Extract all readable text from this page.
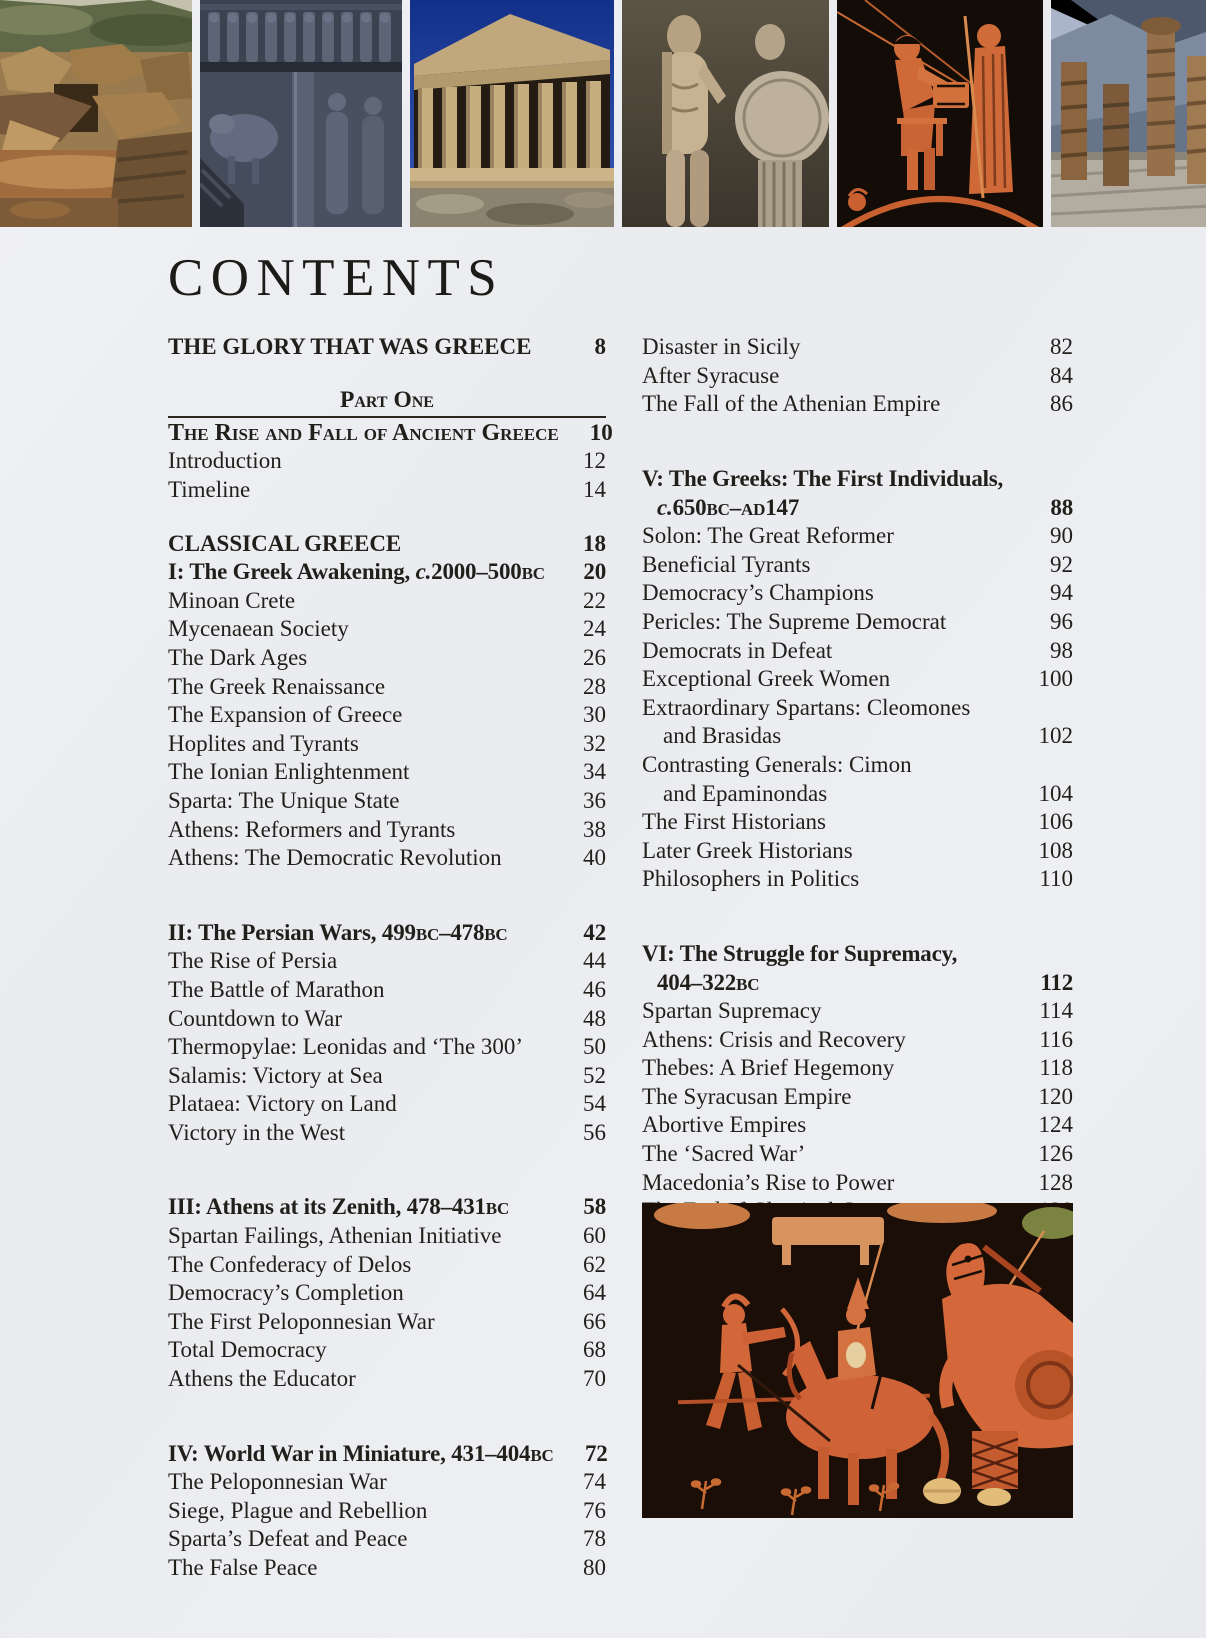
CONTENTS
THE GLORY THAT WAS GREECE	8
Part One
The Rise and Fall of Ancient Greece	10
Introduction	12
Timeline	14
CLASSICAL GREECE	18
I: The Greek Awakening, c.2000–500BC	20
Minoan Crete	22
Mycenaean Society	24
The Dark Ages	26
The Greek Renaissance	28
The Expansion of Greece	30
Hoplites and Tyrants	32
The Ionian Enlightenment	34
Sparta: The Unique State	36
Athens: Reformers and Tyrants	38
Athens: The Democratic Revolution	40
II: The Persian Wars, 499BC–478BC	42
The Rise of Persia	44
The Battle of Marathon	46
Countdown to War	48
Thermopylae: Leonidas and ‘The 300’	50
Salamis: Victory at Sea	52
Plataea: Victory on Land	54
Victory in the West	56
III: Athens at its Zenith, 478–431BC	58
Spartan Failings, Athenian Initiative	60
The Confederacy of Delos	62
Democracy’s Completion	64
The First Peloponnesian War	66
Total Democracy	68
Athens the Educator	70
IV: World War in Miniature, 431–404BC	72
The Peloponnesian War	74
Siege, Plague and Rebellion	76
Sparta’s Defeat and Peace	78
The False Peace	80
Disaster in Sicily	82
After Syracuse	84
The Fall of the Athenian Empire	86
V: The Greeks: The First Individuals,
c.650BC–AD147	88
Solon: The Great Reformer	90
Beneficial Tyrants	92
Democracy’s Champions	94
Pericles: The Supreme Democrat	96
Democrats in Defeat	98
Exceptional Greek Women	100
Extraordinary Spartans: Cleomones
and Brasidas	102
Contrasting Generals: Cimon
and Epaminondas	104
The First Historians	106
Later Greek Historians	108
Philosophers in Politics	110
VI: The Struggle for Supremacy,
404–322BC	112
Spartan Supremacy	114
Athens: Crisis and Recovery	116
Thebes: A Brief Hegemony	118
The Syracusan Empire	120
Abortive Empires	124
The ‘Sacred War’	126
Macedonia’s Rise to Power	128
